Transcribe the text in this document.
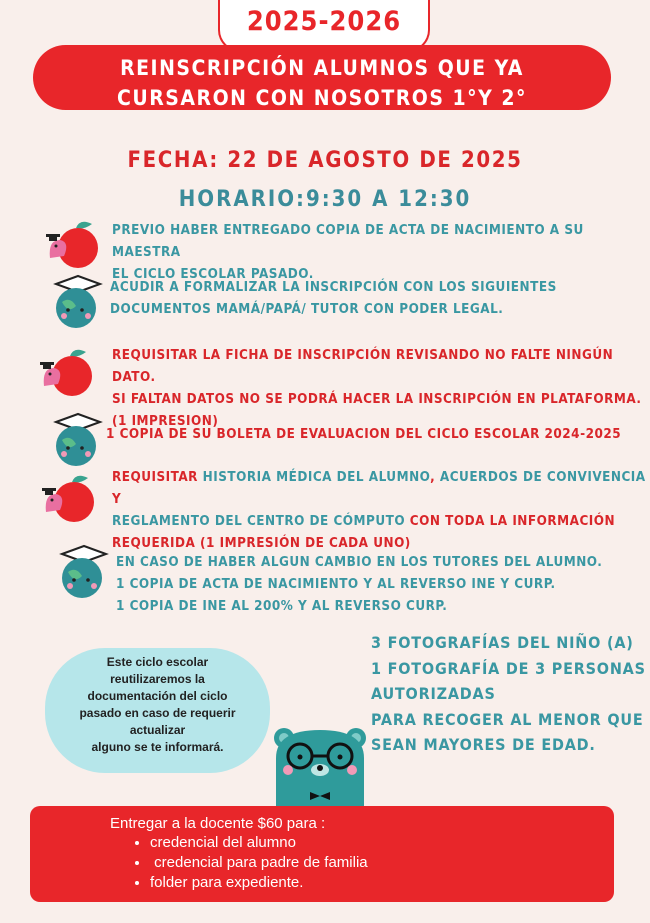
2025-2026
REINSCRIPCIÓN ALUMNOS QUE YA
CURSARON CON NOSOTROS 1°Y 2°
FECHA: 22 DE AGOSTO DE 2025
HORARIO:9:30 A 12:30
PREVIO HABER ENTREGADO COPIA DE ACTA DE NACIMIENTO A SU MAESTRA
EL CICLO ESCOLAR PASADO.
ACUDIR A FORMALIZAR LA INSCRIPCIÓN CON LOS SIGUIENTES
DOCUMENTOS MAMÁ/PAPÁ/ TUTOR CON PODER LEGAL.
REQUISITAR LA FICHA DE INSCRIPCIÓN REVISANDO NO FALTE NINGÚN DATO.
SI FALTAN DATOS NO SE PODRÁ HACER LA INSCRIPCIÓN EN PLATAFORMA.
(1 IMPRESION)
1 COPIA DE SU BOLETA DE EVALUACION DEL CICLO ESCOLAR 2024-2025
REQUISITAR HISTORIA MÉDICA DEL ALUMNO, ACUERDOS DE CONVIVENCIA Y
REGLAMENTO DEL CENTRO DE CÓMPUTO CON TODA LA INFORMACIÓN
REQUERIDA (1 IMPRESIÓN DE CADA UNO)
EN CASO DE HABER ALGUN CAMBIO EN LOS TUTORES DEL ALUMNO.
1 COPIA DE ACTA DE NACIMIENTO Y AL REVERSO INE Y CURP.
1 COPIA DE INE AL 200% Y AL REVERSO CURP.
Este ciclo escolar
reutilizaremos la
documentación del ciclo
pasado en caso de requerir
actualizar
alguno se te informará.
3 FOTOGRAFÍAS DEL NIÑO (A)
1 FOTOGRAFÍA DE 3 PERSONAS
AUTORIZADAS
PARA RECOGER AL MENOR QUE
SEAN MAYORES DE EDAD.
Entregar a la docente $60 para :
• credencial del alumno
•  credencial para padre de familia
• folder para expediente.
